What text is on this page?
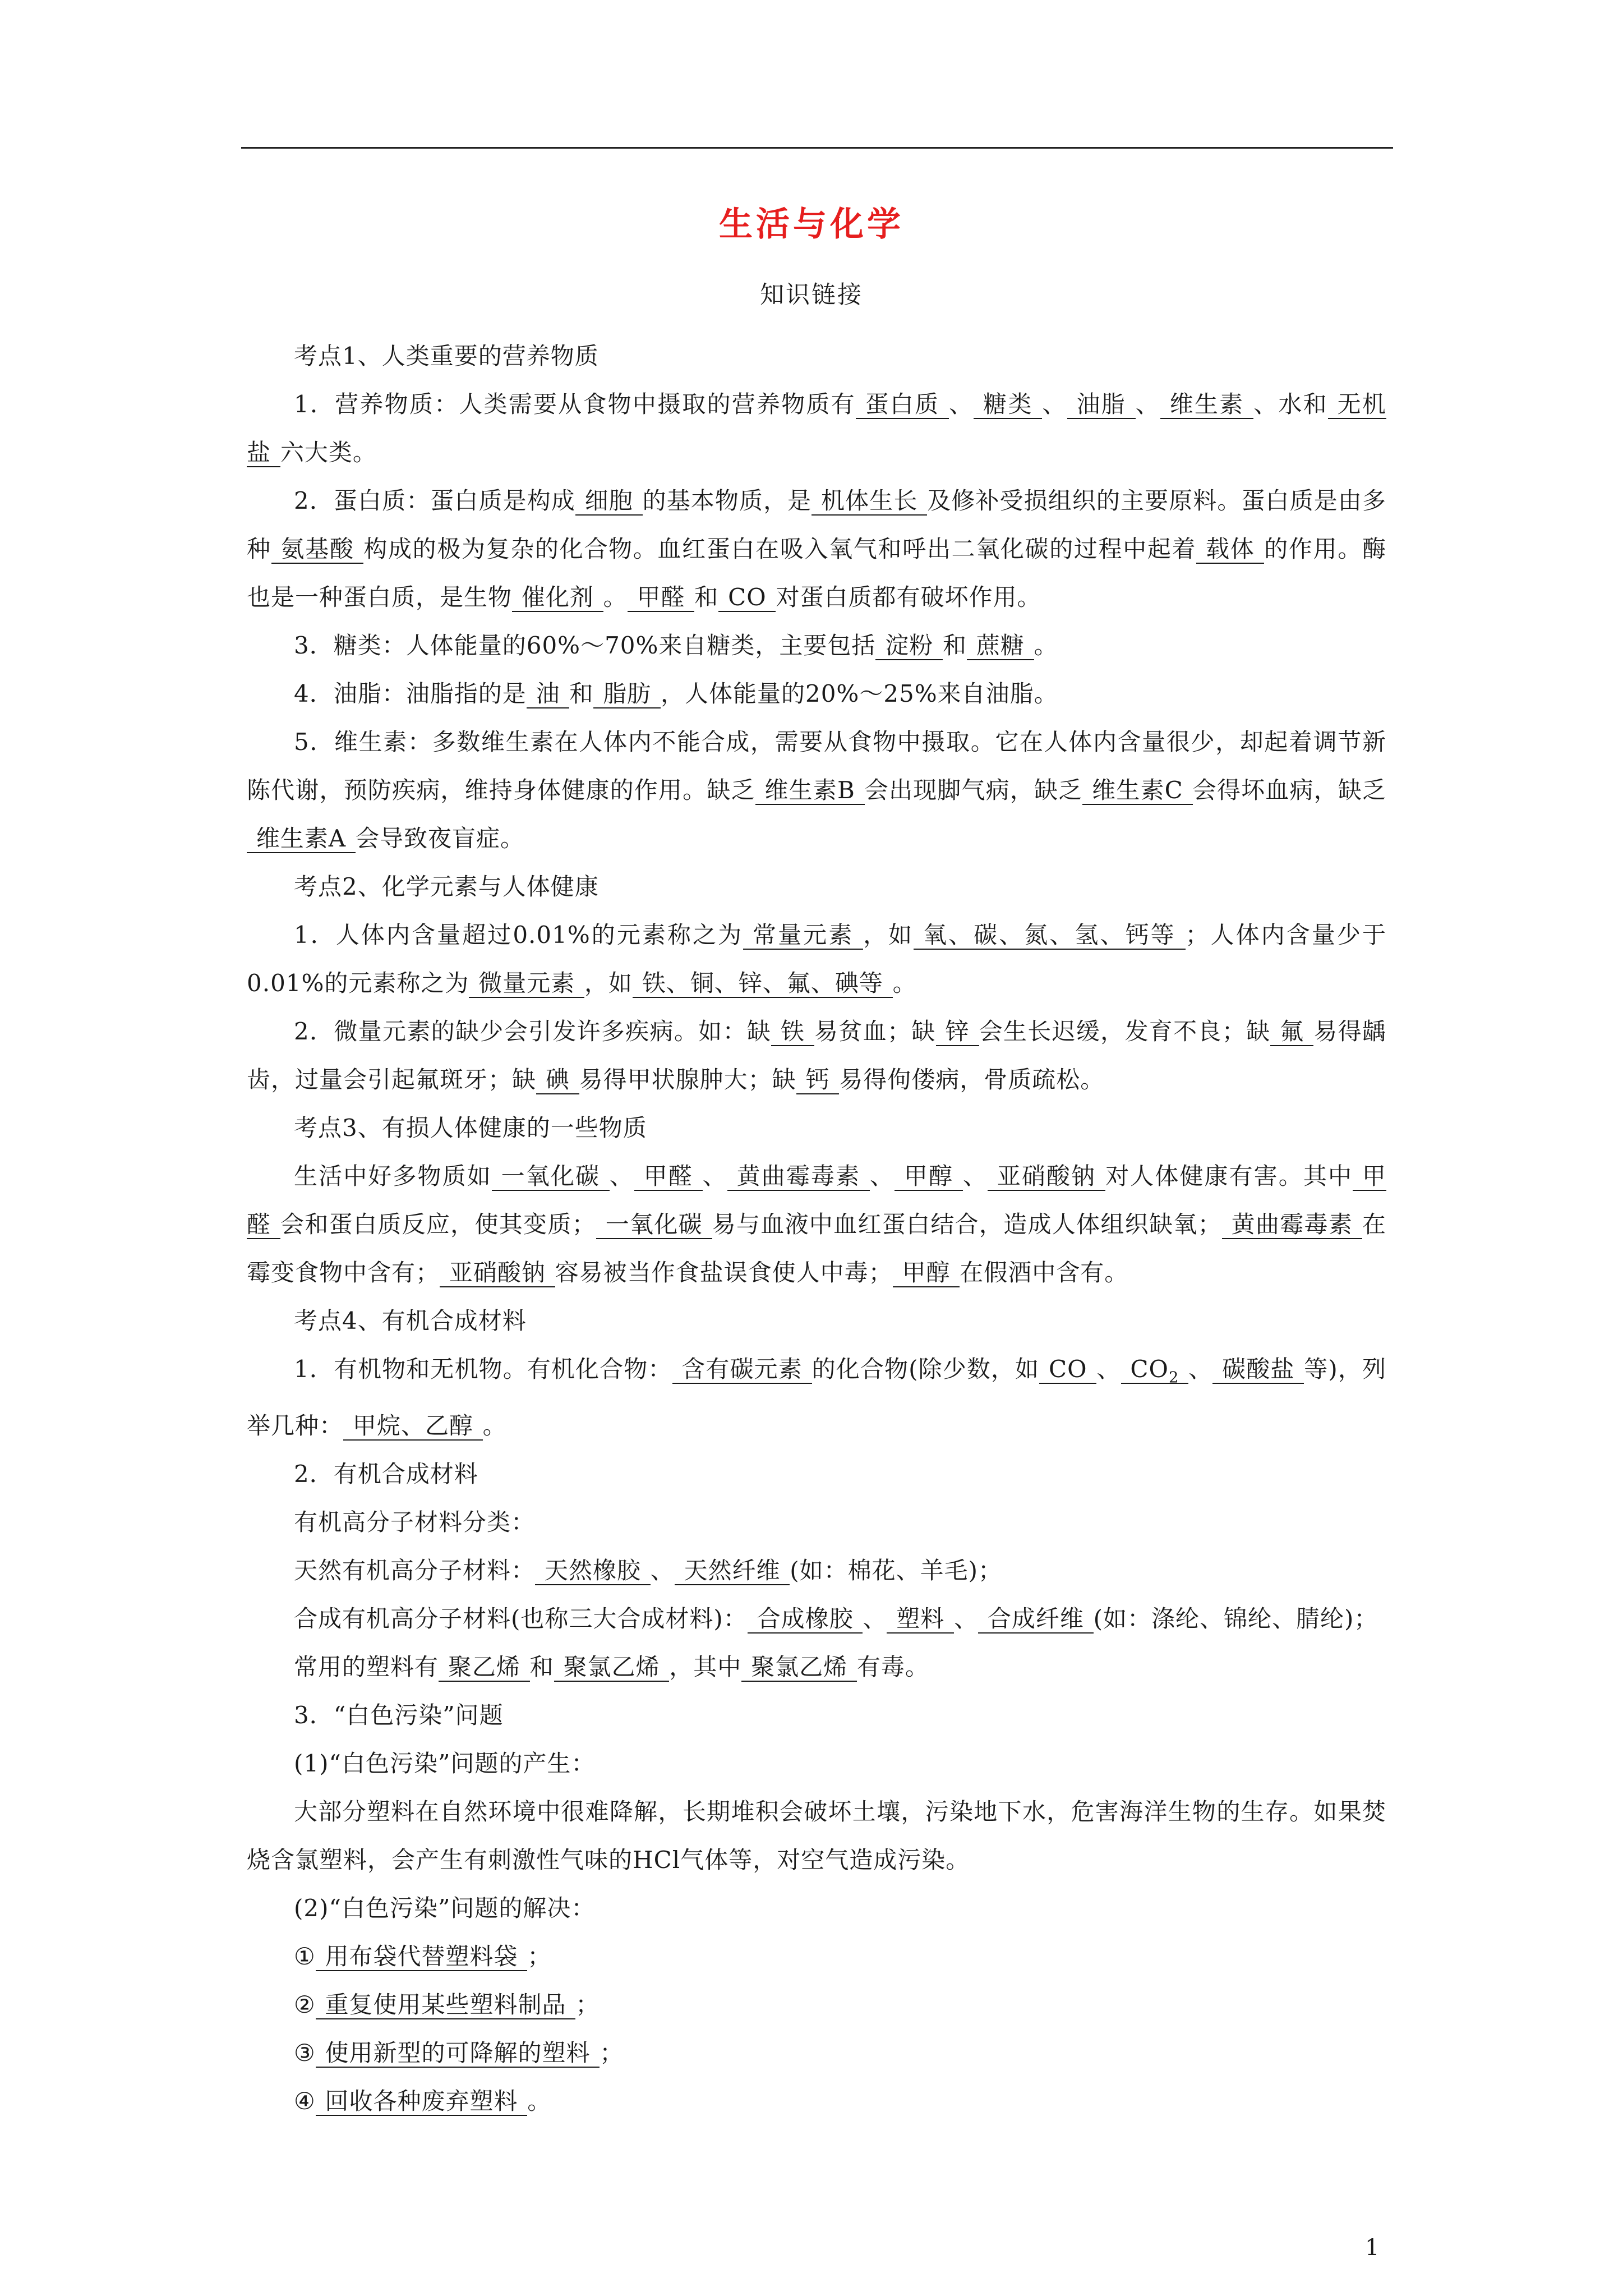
生活与化学
知识链接

考点1、人类重要的营养物质

1．营养物质：人类需要从食物中摄取的营养物质有 蛋白质 、 糖类 、 油脂 、 维生素 、水和 无机盐 六大类。

2．蛋白质：蛋白质是构成 细胞 的基本物质，是 机体生长 及修补受损组织的主要原料。蛋白质是由多种 氨基酸 构成的极为复杂的化合物。血红蛋白在吸入氧气和呼出二氧化碳的过程中起着 载体 的作用。酶也是一种蛋白质，是生物 催化剂 。 甲醛 和 CO 对蛋白质都有破坏作用。

3．糖类：人体能量的60%～70%来自糖类，主要包括 淀粉 和 蔗糖 。

4．油脂：油脂指的是 油 和 脂肪 ，人体能量的20%～25%来自油脂。

5．维生素：多数维生素在人体内不能合成，需要从食物中摄取。它在人体内含量很少，却起着调节新陈代谢，预防疾病，维持身体健康的作用。缺乏 维生素B 会出现脚气病，缺乏 维生素C 会得坏血病，缺乏维生素A 会导致夜盲症。

考点2、化学元素与人体健康

1．人体内含量超过0.01%的元素称之为 常量元素 ，如 氧、碳、氮、氢、钙等 ；人体内含量少于0.01%的元素称之为 微量元素 ，如 铁、铜、锌、氟、碘等 。

2．微量元素的缺少会引发许多疾病。如：缺 铁 易贫血；缺 锌 会生长迟缓，发育不良；缺 氟 易得龋齿，过量会引起氟斑牙；缺 碘 易得甲状腺肿大；缺 钙 易得佝偻病，骨质疏松。

考点3、有损人体健康的一些物质

生活中好多物质如 一氧化碳 、 甲醛 、 黄曲霉毒素 、 甲醇 、 亚硝酸钠 对人体健康有害。其中 甲醛 会和蛋白质反应，使其变质； 一氧化碳 易与血液中血红蛋白结合，造成人体组织缺氧； 黄曲霉毒素 在霉变食物中含有； 亚硝酸钠 容易被当作食盐误食使人中毒； 甲醇 在假酒中含有。

考点4、有机合成材料

1．有机物和无机物。有机化合物： 含有碳元素 的化合物(除少数，如 CO 、 $CO_2$ 、 碳酸盐 等)，列举几种： 甲烷、乙醇 。

2．有机合成材料

有机高分子材料分类：

天然有机高分子材料： 天然橡胶 、 天然纤维 (如：棉花、羊毛)；

合成有机高分子材料(也称三大合成材料)： 合成橡胶 、 塑料 、 合成纤维 (如：涤纶、锦纶、腈纶)；

常用的塑料有 聚乙烯 和 聚氯乙烯 ，其中 聚氯乙烯 有毒。

3．“白色污染”问题

(1)“白色污染”问题的产生：

大部分塑料在自然环境中很难降解，长期堆积会破坏土壤，污染地下水，危害海洋生物的生存。如果焚烧含氯塑料，会产生有刺激性气味的HCl气体等，对空气造成污染。

(2)“白色污染”问题的解决：

① 用布袋代替塑料袋 ；

② 重复使用某些塑料制品 ；

③ 使用新型的可降解的塑料 ；

④ 回收各种废弃塑料 。

1
